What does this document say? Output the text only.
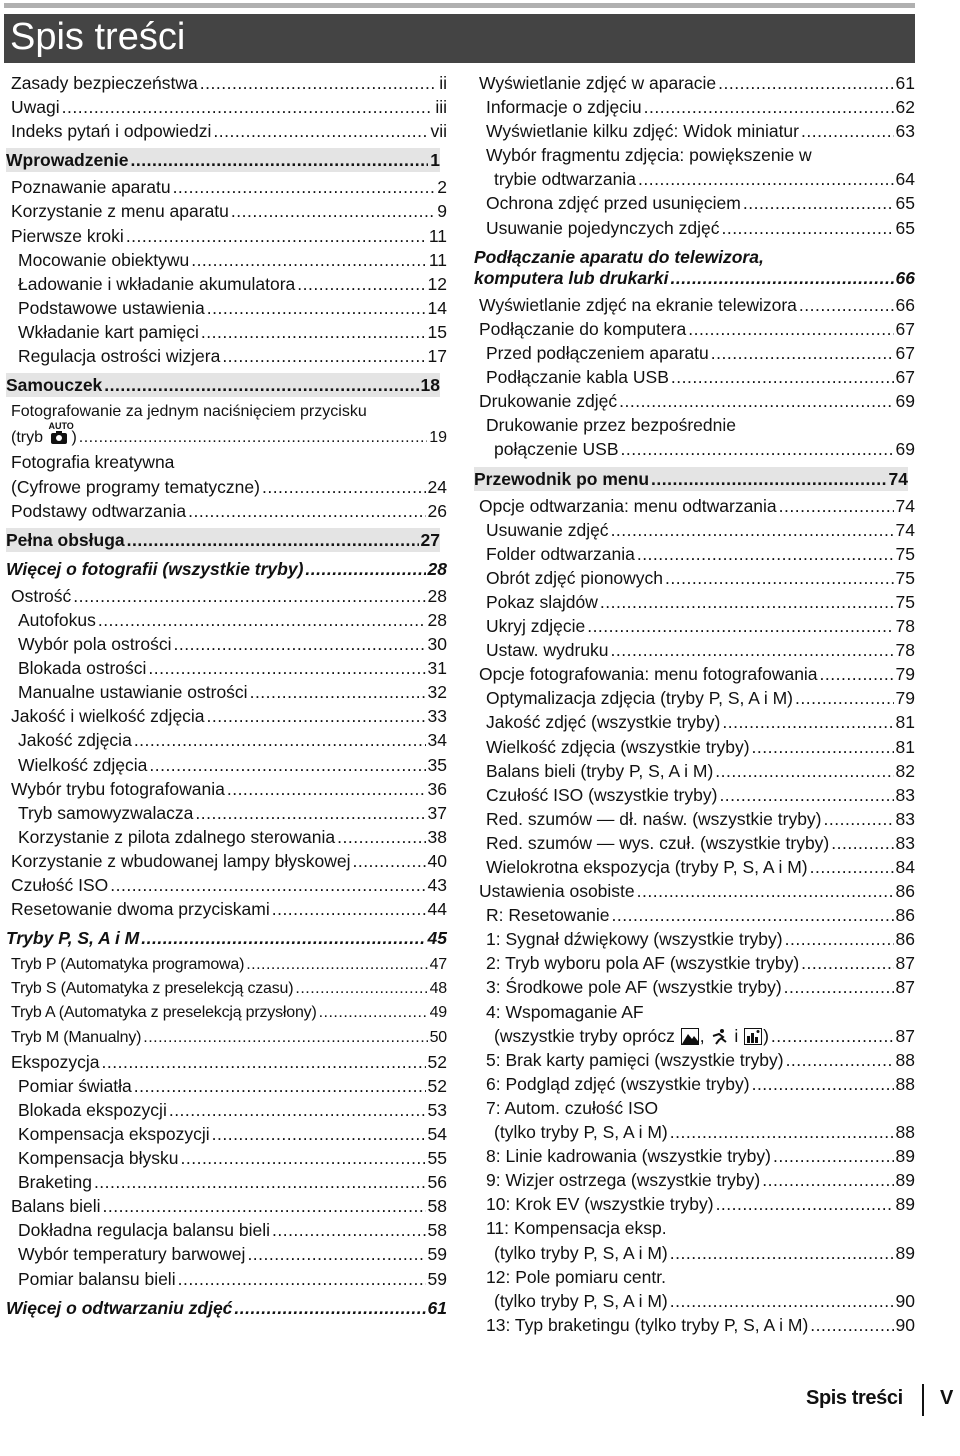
Spis treści
Zasady bezpieczeństwa .....	ii
Uwagi .....	iii
Indeks pytań i odpowiedzi .....	vii
Wprowadzenie .....	1
Poznawanie aparatu .....	2
Korzystanie z menu aparatu .....	9
Pierwsze kroki .....	11
Mocowanie obiektywu .....	11
Ładowanie i wkładanie akumulatora .....	12
Podstawowe ustawienia .....	14
Wkładanie kart pamięci .....	15
Regulacja ostrości wizjera .....	17
Samouczek .....	18
Fotografowanie za jednym naciśnięciem przycisku
(tryb
AUTO
) .....	19
Fotografia kreatywna
(Cyfrowe programy tematyczne) .....	24
Podstawy odtwarzania .....	26
Pełna obsługa .....	27
Więcej o fotografii (wszystkie tryby) .....	28
Ostrość .....	28
Autofokus .....	28
Wybór pola ostrości .....	30
Blokada ostrości .....	31
Manualne ustawianie ostrości .....	32
Jakość i wielkość zdjęcia .....	33
Jakość zdjęcia .....	34
Wielkość zdjęcia .....	35
Wybór trybu fotografowania .....	36
Tryb samowyzwalacza .....	37
Korzystanie z pilota zdalnego sterowania .....	38
Korzystanie z wbudowanej lampy błyskowej .....	40
Czułość ISO .....	43
Resetowanie dwoma przyciskami .....	44
Tryby P, S, A i M .....	45
Tryb P (Automatyka programowa) .....	47
Tryb S (Automatyka z preselekcją czasu) .....	48
Tryb A (Automatyka z preselekcją przysłony) .....	49
Tryb M (Manualny) .....	50
Ekspozycja .....	52
Pomiar światła .....	52
Blokada ekspozycji .....	53
Kompensacja ekspozycji .....	54
Kompensacja błysku .....	55
Braketing .....	56
Balans bieli .....	58
Dokładna regulacja balansu bieli .....	58
Wybór temperatury barwowej .....	59
Pomiar balansu bieli .....	59
Więcej o odtwarzaniu zdjęć .....	61
Wyświetlanie zdjęć w aparacie .....	61
Informacje o zdjęciu .....	62
Wyświetlanie kilku zdjęć: Widok miniatur .....	63
Wybór fragmentu zdjęcia: powiększenie w
trybie odtwarzania .....	64
Ochrona zdjęć przed usunięciem .....	65
Usuwanie pojedynczych zdjęć .....	65
Podłączanie aparatu do telewizora,
komputera lub drukarki .....	66
Wyświetlanie zdjęć na ekranie telewizora .....	66
Podłączanie do komputera .....	67
Przed podłączeniem aparatu .....	67
Podłączanie kabla USB .....	67
Drukowanie zdjęć .....	69
Drukowanie przez bezpośrednie
połączenie USB .....	69
Przewodnik po menu .....	74
Opcje odtwarzania: menu odtwarzania .....	74
Usuwanie zdjęć .....	74
Folder odtwarzania .....	75
Obrót zdjęć pionowych .....	75
Pokaz slajdów .....	75
Ukryj zdjęcie .....	78
Ustaw. wydruku .....	78
Opcje fotografowania: menu fotografowania .....	79
Optymalizacja zdjęcia (tryby P, S, A i M) .....	79
Jakość zdjęć (wszystkie tryby) .....	81
Wielkość zdjęcia (wszystkie tryby) .....	81
Balans bieli (tryby P, S, A i M) .....	82
Czułość ISO (wszystkie tryby) .....	83
Red. szumów — dł. naśw. (wszystkie tryby) .....	83
Red. szumów — wys. czuł. (wszystkie tryby) .....	83
Wielokrotna ekspozycja (tryby P, S, A i M) .....	84
Ustawienia osobiste .....	86
R: Resetowanie .....	86
1: Sygnał dźwiękowy (wszystkie tryby) .....	86
2: Tryb wyboru pola AF (wszystkie tryby) .....	87
3: Środkowe pole AF (wszystkie tryby) .....	87
4: Wspomaganie AF
(wszystkie tryby oprócz ,  i ) .....	87
5: Brak karty pamięci (wszystkie tryby) .....	88
6: Podgląd zdjęć (wszystkie tryby) .....	88
7: Autom. czułość ISO
(tylko tryby P, S, A i M) .....	88
8: Linie kadrowania (wszystkie tryby) .....	89
9: Wizjer ostrzega (wszystkie tryby) .....	89
10: Krok EV (wszystkie tryby) .....	89
11: Kompensacja eksp.
(tylko tryby P, S, A i M) .....	89
12: Pole pomiaru centr.
(tylko tryby P, S, A i M) .....	90
13: Typ braketingu (tylko tryby P, S, A i M) .....	90
Spis treści V
